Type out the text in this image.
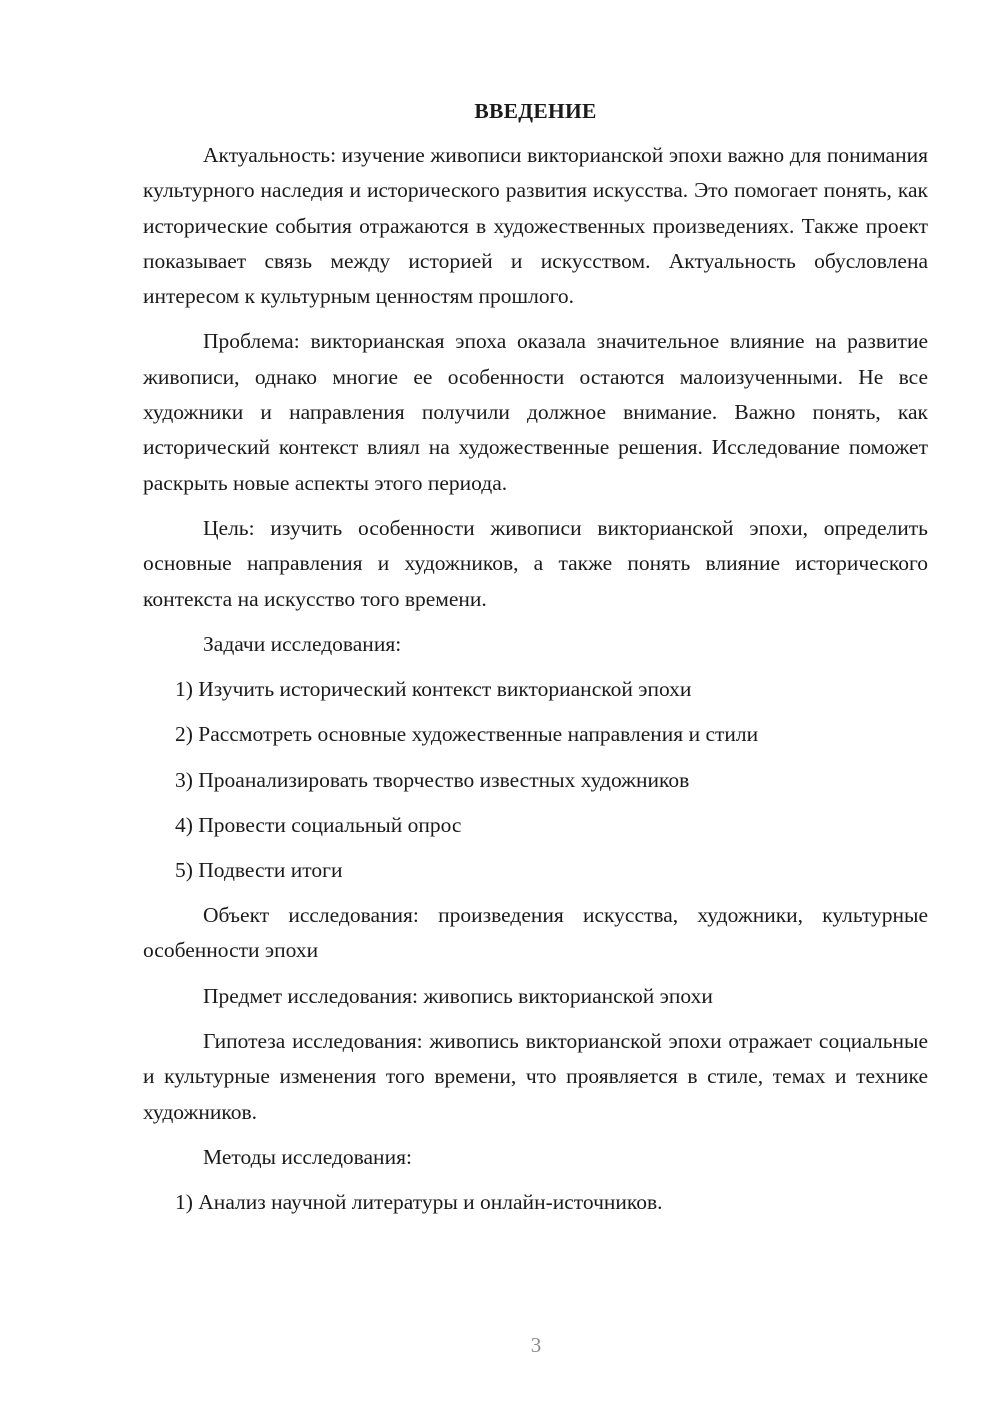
ВВЕДЕНИЕ

Актуальность: изучение живописи викторианской эпохи важно для понимания культурного наследия и исторического развития искусства. Это помогает понять, как исторические события отражаются в художественных произведениях. Также проект показывает связь между историей и искусством. Актуальность обусловлена интересом к культурным ценностям прошлого.

Проблема: викторианская эпоха оказала значительное влияние на развитие живописи, однако многие ее особенности остаются малоизученными. Не все художники и направления получили должное внимание. Важно понять, как исторический контекст влиял на художественные решения. Исследование поможет раскрыть новые аспекты этого периода.

Цель: изучить особенности живописи викторианской эпохи, определить основные направления и художников, а также понять влияние исторического контекста на искусство того времени.

Задачи исследования:

1) Изучить исторический контекст викторианской эпохи
2) Рассмотреть основные художественные направления и стили
3) Проанализировать творчество известных художников
4) Провести социальный опрос
5) Подвести итоги

Объект исследования: произведения искусства, художники, культурные особенности эпохи

Предмет исследования: живопись викторианской эпохи

Гипотеза исследования: живопись викторианской эпохи отражает социальные и культурные изменения того времени, что проявляется в стиле, темах и технике художников.

Методы исследования:

1) Анализ научной литературы и онлайн-источников.
3
